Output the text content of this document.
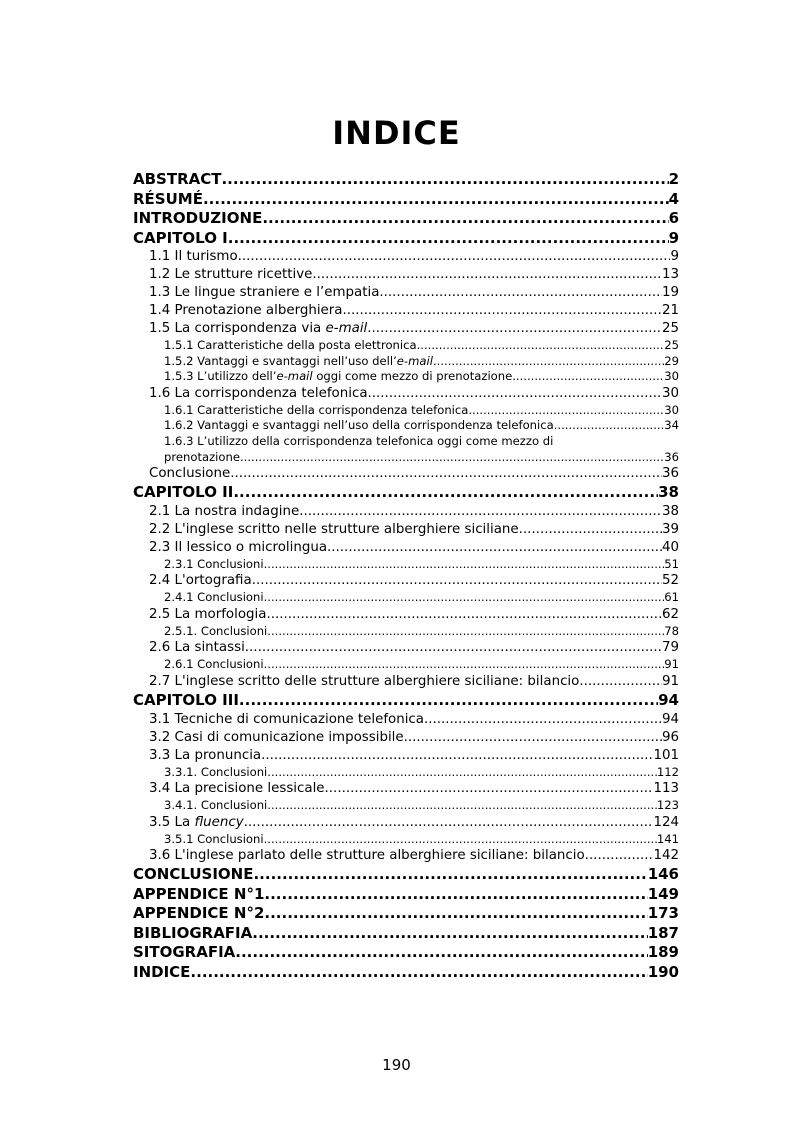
INDICE
ABSTRACT .....	2
RÉSUMÉ .....	4
INTRODUZIONE .....	6
CAPITOLO I .....	9
1.1 Il turismo .....	9
1.2 Le strutture ricettive .....	13
1.3 Le lingue straniere e l’empatia .....	19
1.4 Prenotazione alberghiera .....	21
1.5 La corrispondenza via e-mail .....	25
1.5.1 Caratteristiche della posta elettronica .....	25
1.5.2 Vantaggi e svantaggi nell’uso dell’e-mail .....	29
1.5.3 L’utilizzo dell’e-mail oggi come mezzo di prenotazione .....	30
1.6 La corrispondenza telefonica .....	30
1.6.1 Caratteristiche della corrispondenza telefonica .....	30
1.6.2 Vantaggi e svantaggi nell’uso della corrispondenza telefonica .....	34
1.6.3 L’utilizzo della corrispondenza telefonica oggi come mezzo di
prenotazione .....	36
Conclusione .....	36
CAPITOLO II .....	38
2.1 La nostra indagine .....	38
2.2 L'inglese scritto nelle strutture alberghiere siciliane .....	39
2.3 Il lessico o microlingua .....	40
2.3.1 Conclusioni .....	51
2.4 L'ortografia .....	52
2.4.1 Conclusioni .....	61
2.5 La morfologia .....	62
2.5.1. Conclusioni .....	78
2.6 La sintassi .....	79
2.6.1 Conclusioni .....	91
2.7 L'inglese scritto delle strutture alberghiere siciliane: bilancio .....	91
CAPITOLO III .....	94
3.1 Tecniche di comunicazione telefonica .....	94
3.2 Casi di comunicazione impossibile .....	96
3.3 La pronuncia .....	101
3.3.1. Conclusioni .....	112
3.4 La precisione lessicale .....	113
3.4.1. Conclusioni .....	123
3.5 La fluency .....	124
3.5.1 Conclusioni .....	141
3.6 L'inglese parlato delle strutture alberghiere siciliane: bilancio .....	142
CONCLUSIONE .....	146
APPENDICE N°1 .....	149
APPENDICE N°2 .....	173
BIBLIOGRAFIA .....	187
SITOGRAFIA .....	189
INDICE .....	190

190
